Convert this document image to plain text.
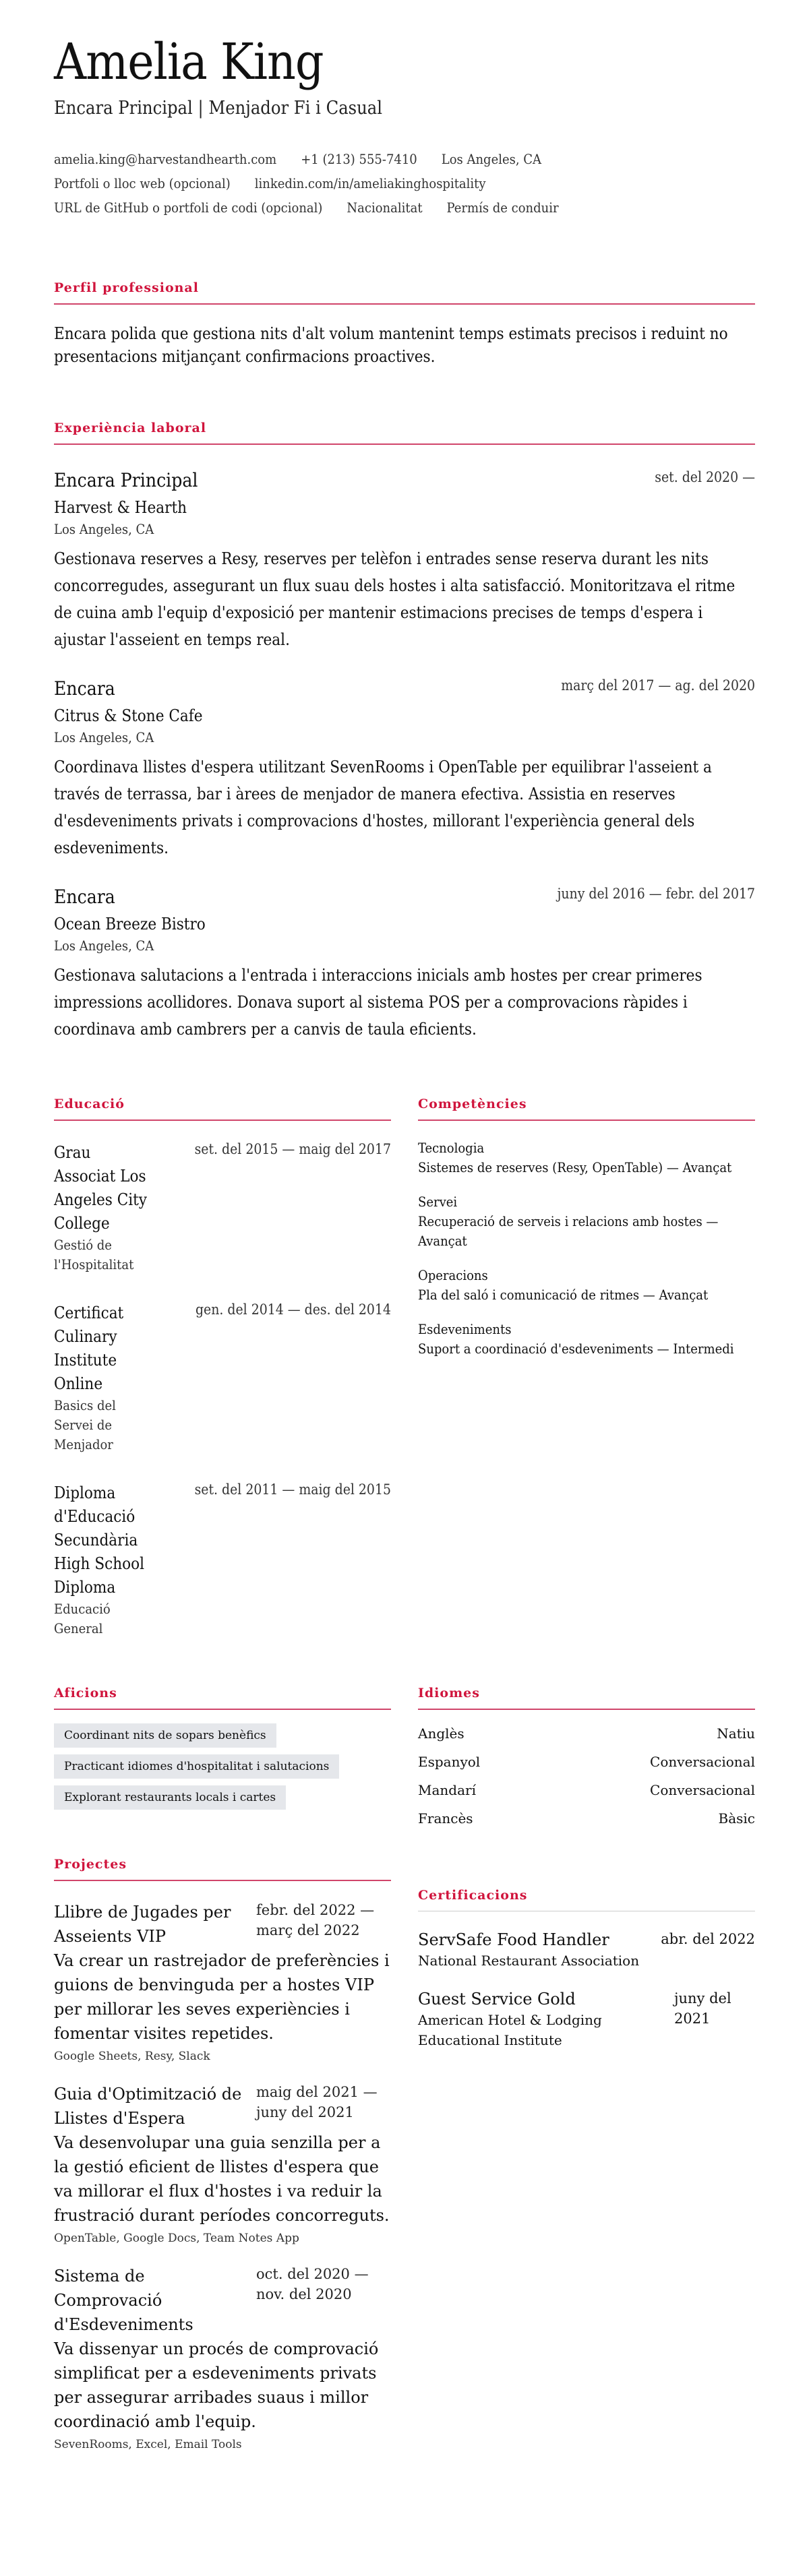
Amelia King
Encara Principal | Menjador Fi i Casual
amelia.king@harvestandhearth.com +1 (213) 555-7410 Los Angeles, CA
Portfoli o lloc web (opcional) linkedin.com/in/ameliakinghospitality
URL de GitHub o portfoli de codi (opcional) Nacionalitat Permís de conduir
Perfil professional

Encara polida que gestiona nits d'alt volum mantenint temps estimats precisos i reduint no presentacions mitjançant confirmacions proactives.

Experiència laboral
Encara Principal	set. del 2020 —
Harvest & Hearth
Los Angeles, CA

Gestionava reserves a Resy, reserves per telèfon i entrades sense reserva durant les nits concorregudes, assegurant un flux suau dels hostes i alta satisfacció. Monitoritzava el ritme de cuina amb l'equip d'exposició per mantenir estimacions precises de temps d'espera i ajustar l'asseient en temps real.

Encara	març del 2017 — ag. del 2020
Citrus & Stone Cafe
Los Angeles, CA

Coordinava llistes d'espera utilitzant SevenRooms i OpenTable per equilibrar l'asseient a través de terrassa, bar i àrees de menjador de manera efectiva. Assistia en reserves d'esdeveniments privats i comprovacions d'hostes, millorant l'experiència general dels esdeveniments.

Encara	juny del 2016 — febr. del 2017
Ocean Breeze Bistro
Los Angeles, CA

Gestionava salutacions a l'entrada i interaccions inicials amb hostes per crear primeres impressions acollidores. Donava suport al sistema POS per a comprovacions ràpides i coordinava amb cambrers per a canvis de taula eficients.

Educació
Grau Associat Los Angeles City College
Gestió de l'Hospitalitat
set. del 2015 — maig del 2017
Certificat Culinary Institute Online
Basics del Servei de Menjador
gen. del 2014 — des. del 2014
Diploma d'Educació Secundària High School Diploma
Educació General
set. del 2011 — maig del 2015
Competències
Tecnologia
Sistemes de reserves (Resy, OpenTable) — Avançat
Servei
Recuperació de serveis i relacions amb hostes — Avançat
Operacions
Pla del saló i comunicació de ritmes — Avançat
Esdeveniments
Suport a coordinació d'esdeveniments — Intermedi
Aficions
Coordinant nits de sopars benèfics
Practicant idiomes d'hospitalitat i salutacions
Explorant restaurants locals i cartes
Projectes
Llibre de Jugades per Asseients VIP
febr. del 2022 — març del 2022

Va crear un rastrejador de preferències i guions de benvinguda per a hostes VIP per millorar les seves experiències i fomentar visites repetides.

Google Sheets, Resy, Slack
Guia d'Optimització de Llistes d'Espera
maig del 2021 — juny del 2021

Va desenvolupar una guia senzilla per a la gestió eficient de llistes d'espera que va millorar el flux d'hostes i va reduir la frustració durant períodes concorreguts.

OpenTable, Google Docs, Team Notes App
Sistema de Comprovació d'Esdeveniments
oct. del 2020 — nov. del 2020

Va dissenyar un procés de comprovació simplificat per a esdeveniments privats per assegurar arribades suaus i millor coordinació amb l'equip.

SevenRooms, Excel, Email Tools
Idiomes
Anglès	Natiu
Espanyol	Conversacional
Mandarí	Conversacional
Francès	Bàsic
Certificacions
ServSafe Food Handler
National Restaurant Association
abr. del 2022
Guest Service Gold
American Hotel & Lodging Educational Institute
juny del 2021
